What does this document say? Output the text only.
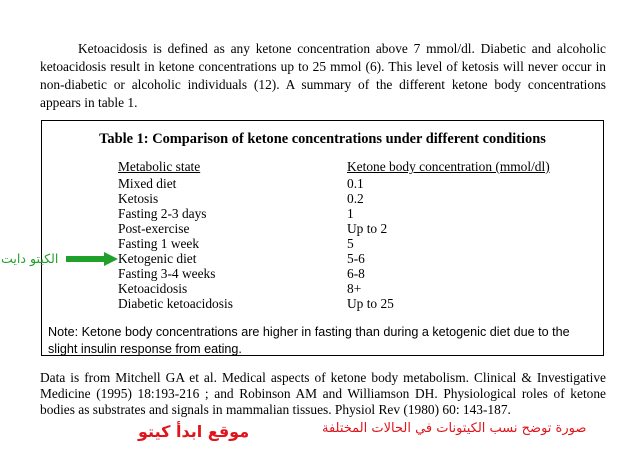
Ketoacidosis is defined as any ketone concentration above 7 mmol/dl. Diabetic and alcoholic ketoacidosis result in ketone concentrations up to 25 mmol (6). This level of ketosis will never occur in non-diabetic or alcoholic individuals (12). A summary of the different ketone body concentrations appears in table 1.

Table 1: Comparison of ketone concentrations under different conditions
Metabolic state	Ketone body concentration (mmol/dl)
Mixed diet	0.1
Ketosis	0.2
Fasting 2-3 days	1
Post-exercise	Up to 2
Fasting 1 week	5
Ketogenic diet	5-6
Fasting 3-4 weeks	6-8
Ketoacidosis	8+
Diabetic ketoacidosis	Up to 25
Note: Ketone body concentrations are higher in fasting than during a ketogenic diet due to the slight insulin response from eating.
الكيتو دايت

Data is from Mitchell GA et al. Medical aspects of ketone body metabolism. Clinical & Investigative Medicine (1995) 18:193-216 ; and Robinson AM and Williamson DH. Physiological roles of ketone bodies as substrates and signals in mammalian tissues. Physiol Rev (1980) 60: 143-187.

موقع ابدأ كيتو	صورة توضح نسب الكيتونات في الحالات المختلفة
